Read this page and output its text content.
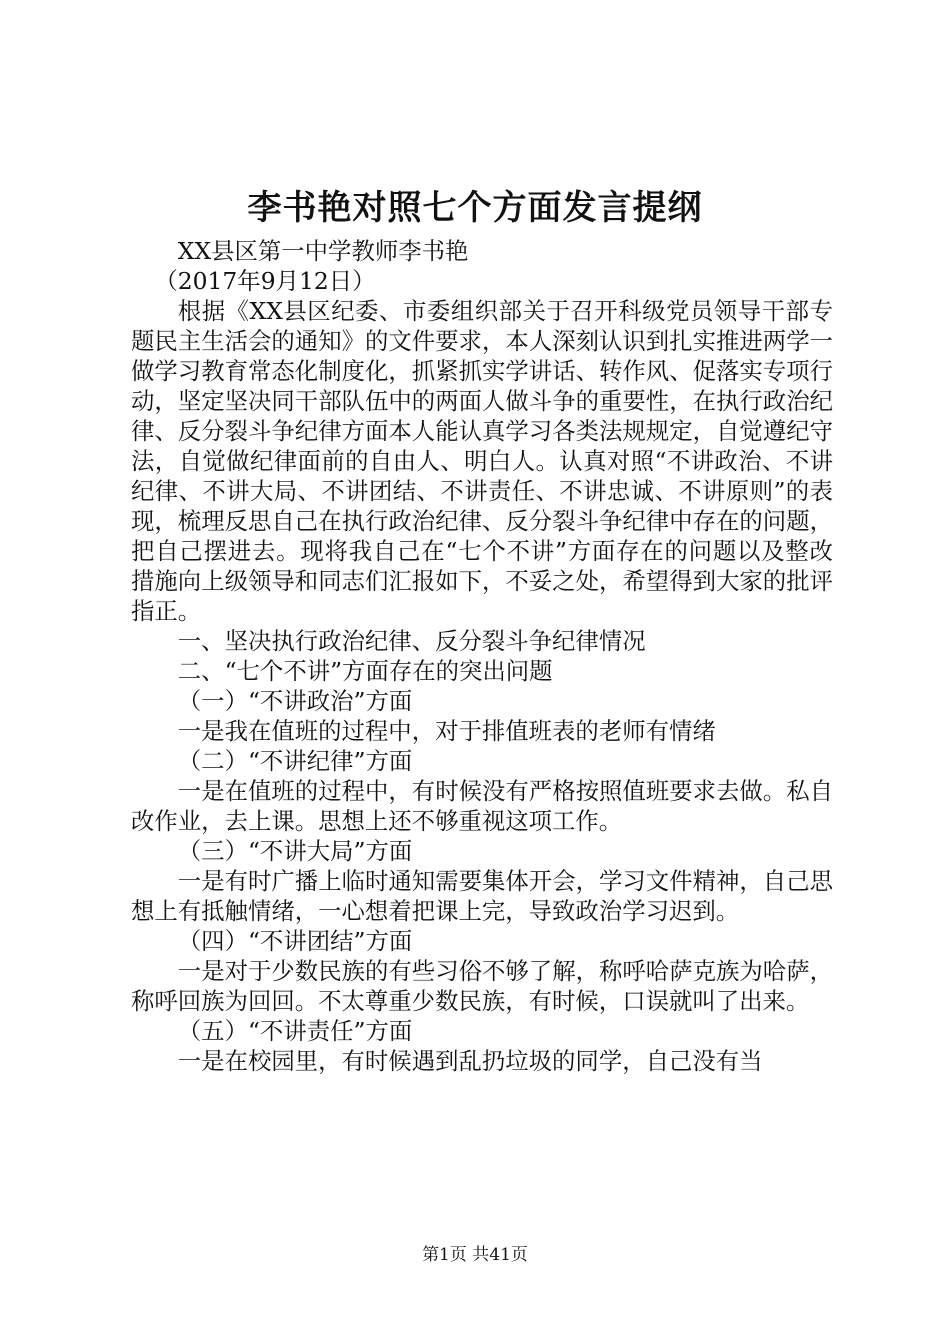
李书艳对照七个方面发言提纲

XX县区第一中学教师李书艳

（2017年9月12日）

根据《XX县区纪委、市委组织部关于召开科级党员领导干部专题民主生活会的通知》的文件要求，本人深刻认识到扎实推进两学一做学习教育常态化制度化，抓紧抓实学讲话、转作风、促落实专项行动，坚定坚决同干部队伍中的两面人做斗争的重要性，在执行政治纪律、反分裂斗争纪律方面本人能认真学习各类法规规定，自觉遵纪守法，自觉做纪律面前的自由人、明白人。认真对照“不讲政治、不讲纪律、不讲大局、不讲团结、不讲责任、不讲忠诚、不讲原则”的表现，梳理反思自己在执行政治纪律、反分裂斗争纪律中存在的问题，把自己摆进去。现将我自己在“七个不讲”方面存在的问题以及整改措施向上级领导和同志们汇报如下，不妥之处，希望得到大家的批评指正。

一、坚决执行政治纪律、反分裂斗争纪律情况

二、“七个不讲”方面存在的突出问题

（一）“不讲政治”方面

一是我在值班的过程中，对于排值班表的老师有情绪

（二）“不讲纪律”方面

一是在值班的过程中，有时候没有严格按照值班要求去做。私自改作业，去上课。思想上还不够重视这项工作。

（三）“不讲大局”方面

一是有时广播上临时通知需要集体开会，学习文件精神，自己思想上有抵触情绪，一心想着把课上完，导致政治学习迟到。

（四）“不讲团结”方面

一是对于少数民族的有些习俗不够了解，称呼哈萨克族为哈萨，称呼回族为回回。不太尊重少数民族，有时候，口误就叫了出来。

（五）“不讲责任”方面

一是在校园里，有时候遇到乱扔垃圾的同学，自己没有当

第1页 共41页
